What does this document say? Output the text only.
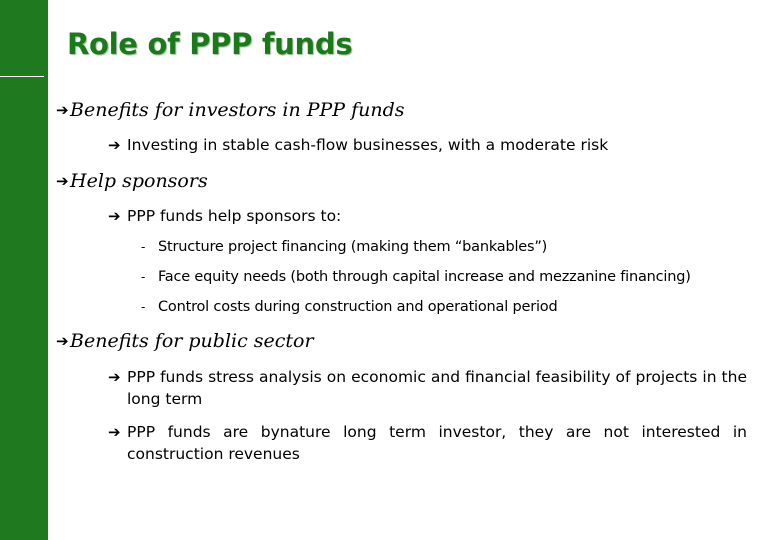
Role of PPP funds
➔ Benefits for investors in PPP funds
➔ Investing in stable cash-flow businesses, with a moderate risk
➔ Help sponsors
➔ PPP funds help sponsors to:
- Structure project financing (making them “bankables”)
- Face equity needs (both through capital increase and mezzanine financing)
- Control costs during construction and operational period
➔ Benefits for public sector
➔ PPP funds stress analysis on economic and financial feasibility of projects in the long term
➔ PPP funds are bynature long term investor, they are not interested in construction revenues
